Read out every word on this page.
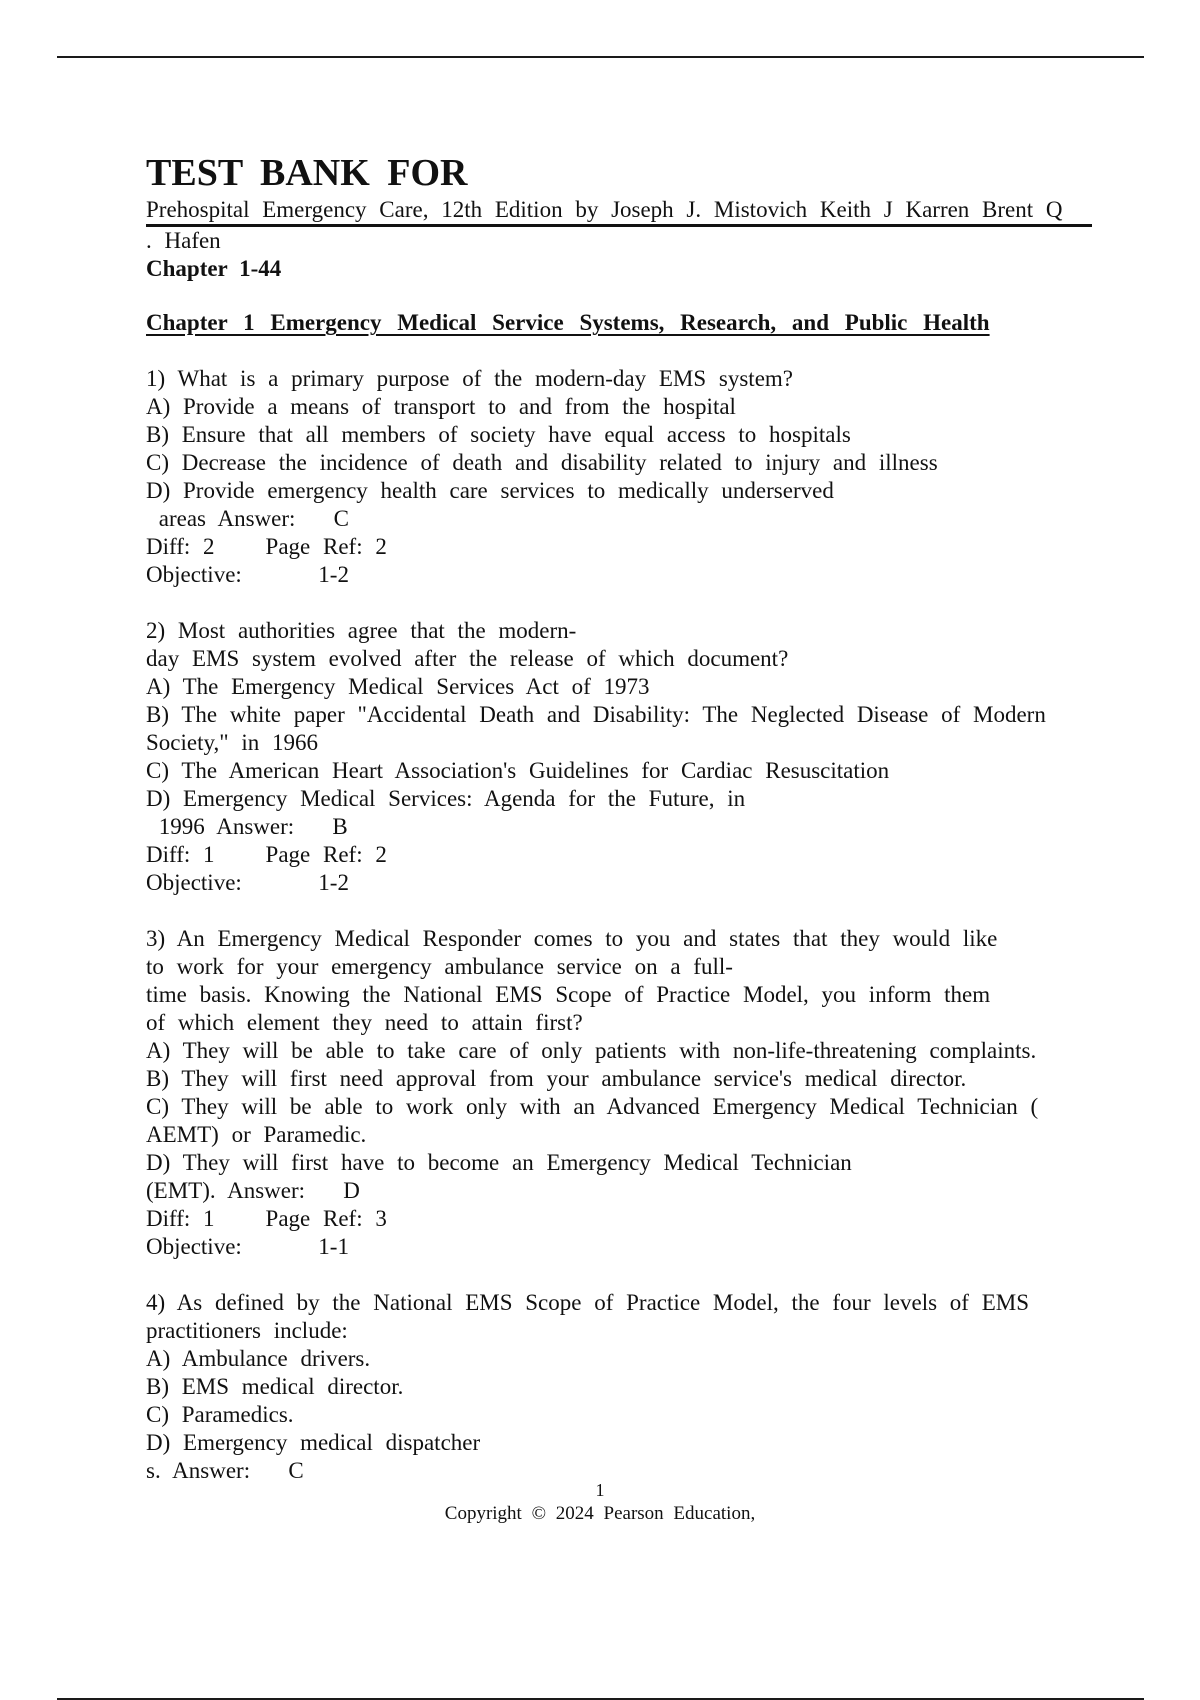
TEST BANK FOR
Prehospital Emergency Care, 12th Edition by Joseph J. Mistovich Keith J Karren Brent Q
. Hafen
Chapter 1-44
Chapter 1 Emergency Medical Service Systems, Research, and Public Health
1) What is a primary purpose of the modern-day EMS system?
A) Provide a means of transport to and from the hospital
B) Ensure that all members of society have equal access to hospitals
C) Decrease the incidence of death and disability related to injury and illness
D) Provide emergency health care services to medically underserved
areas Answer:   C
Diff: 2    Page Ref: 2
Objective:      1-2
2) Most authorities agree that the modern-
day EMS system evolved after the release of which document?
A) The Emergency Medical Services Act of 1973
B) The white paper "Accidental Death and Disability: The Neglected Disease of Modern
Society," in 1966
C) The American Heart Association's Guidelines for Cardiac Resuscitation
D) Emergency Medical Services: Agenda for the Future, in
1996 Answer:   B
Diff: 1    Page Ref: 2
Objective:      1-2
3) An Emergency Medical Responder comes to you and states that they would like
to work for your emergency ambulance service on a full-
time basis. Knowing the National EMS Scope of Practice Model, you inform them
of which element they need to attain first?
A) They will be able to take care of only patients with non-life-threatening complaints.
B) They will first need approval from your ambulance service's medical director.
C) They will be able to work only with an Advanced Emergency Medical Technician (
AEMT) or Paramedic.
D) They will first have to become an Emergency Medical Technician
(EMT). Answer:   D
Diff: 1    Page Ref: 3
Objective:      1-1
4) As defined by the National EMS Scope of Practice Model, the four levels of EMS
practitioners include:
A) Ambulance drivers.
B) EMS medical director.
C) Paramedics.
D) Emergency medical dispatcher
s. Answer:   C
1
Copyright © 2024 Pearson Education,
